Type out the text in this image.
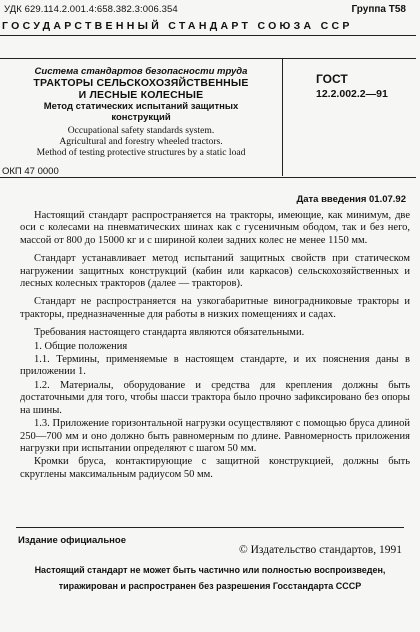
УДК 629.114.2.001.4:658.382.3:006.354	Группа Т58
ГОСУДАРСТВЕННЫЙ СТАНДАРТ СОЮЗА ССР
Система стандартов безопасности труда
ТРАКТОРЫ СЕЛЬСКОХОЗЯЙСТВЕННЫЕ
И ЛЕСНЫЕ КОЛЕСНЫЕ
Метод статических испытаний защитных
конструкций
ГОСТ
12.2.002.2—91
Occupational safety standards system.
Agricultural and forestry wheeled tractors.
Method of testing protective structures by a static load
ОКП 47 0000
Дата введения 01.07.92

Настоящий стандарт распространяется на тракторы, имеющие, как минимум, две оси с колесами на пневматических шинах как с гусеничным ободом, так и без него, массой от 800 до 15000 кг и с шириной колеи задних колес не менее 1150 мм.

Стандарт устанавливает метод испытаний защитных свойств при статическом нагружении защитных конструкций (кабин или каркасов) сельскохозяйственных и лесных колесных тракторов (далее — тракторов).

Стандарт не распространяется на узкогабаритные виноградниковые тракторы и тракторы, предназначенные для работы в низких помещениях и садах.

Требования настоящего стандарта являются обязательными.

1. Общие положения

1.1. Термины, применяемые в настоящем стандарте, и их пояснения даны в приложении 1.

1.2. Материалы, оборудование и средства для крепления должны быть достаточными для того, чтобы шасси трактора было прочно зафиксировано без опоры на шины.

1.3. Приложение горизонтальной нагрузки осуществляют с помощью бруса длиной 250—700 мм и оно должно быть равномерным по длине. Равномерность приложения нагрузки при испытании определяют с шагом 50 мм.

Кромки бруса, контактирующие с защитной конструкцией, должны быть скруглены максимальным радиусом 50 мм.

Издание официальное
© Издательство стандартов, 1991
Настоящий стандарт не может быть частично или полностью воспроизведен,
тиражирован и распространен без разрешения Госстандарта СССР
